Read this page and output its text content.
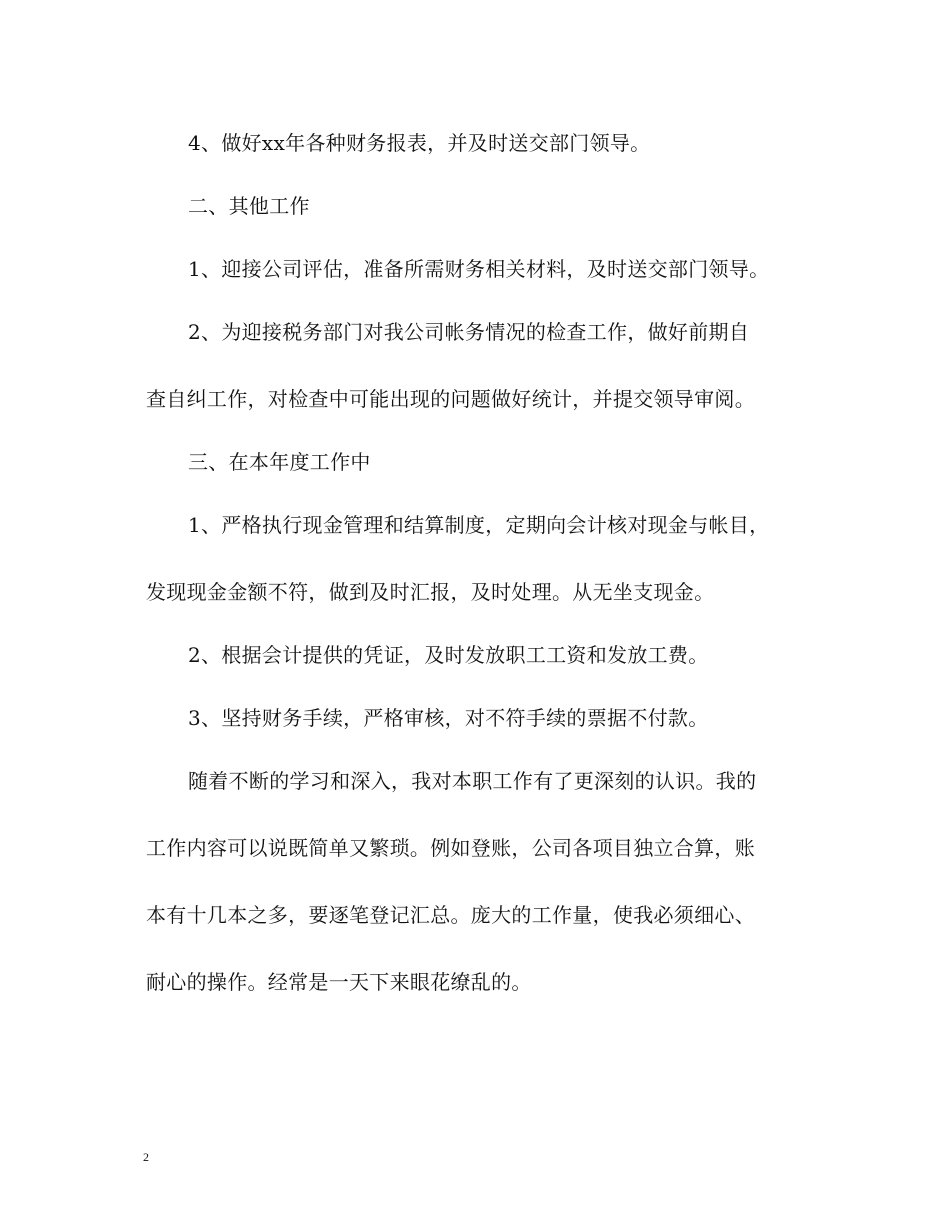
4、做好xx年各种财务报表，并及时送交部门领导。
二、其他工作
1、迎接公司评估，准备所需财务相关材料，及时送交部门领导。
2、为迎接税务部门对我公司帐务情况的检查工作，做好前期自
查自纠工作，对检查中可能出现的问题做好统计，并提交领导审阅。
三、在本年度工作中
1、严格执行现金管理和结算制度，定期向会计核对现金与帐目，
发现现金金额不符，做到及时汇报，及时处理。从无坐支现金。
2、根据会计提供的凭证，及时发放职工工资和发放工费。
3、坚持财务手续，严格审核，对不符手续的票据不付款。
随着不断的学习和深入，我对本职工作有了更深刻的认识。我的
工作内容可以说既简单又繁琐。例如登账，公司各项目独立合算，账
本有十几本之多，要逐笔登记汇总。庞大的工作量，使我必须细心、
耐心的操作。经常是一天下来眼花缭乱的。
2
